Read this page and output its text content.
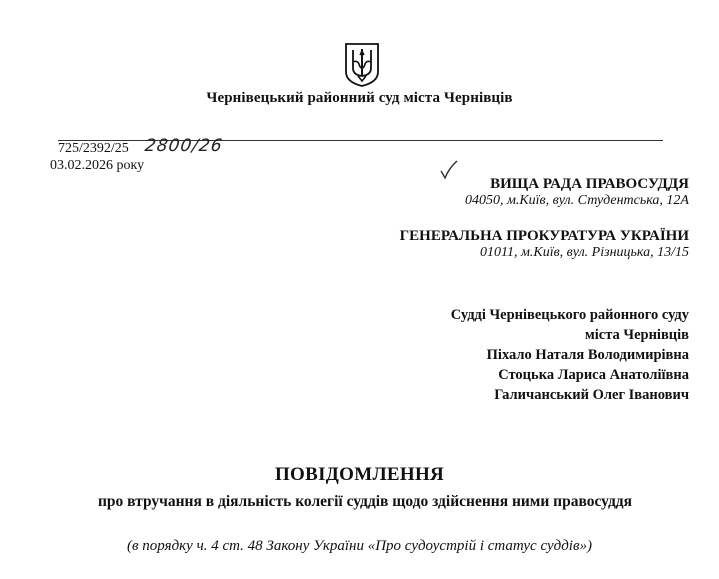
Чернівецький районний суд міста Чернівців
725/2392/25 2800/26
03.02.2026 року
ВИЩА РАДА ПРАВОСУДДЯ
04050, м.Київ, вул. Студентська, 12А
ГЕНЕРАЛЬНА ПРОКУРАТУРА УКРАЇНИ
01011, м.Київ, вул. Різницька, 13/15
Судді Чернівецького районного суду
міста Чернівців
Піхало Наталя Володимирівна
Стоцька Лариса Анатоліївна
Галичанський Олег Іванович
ПОВІДОМЛЕННЯ
про втручання в діяльність колегії суддів щодо здійснення ними правосуддя
(в порядку ч. 4 ст. 48 Закону України «Про судоустрій і статус суддів»)
